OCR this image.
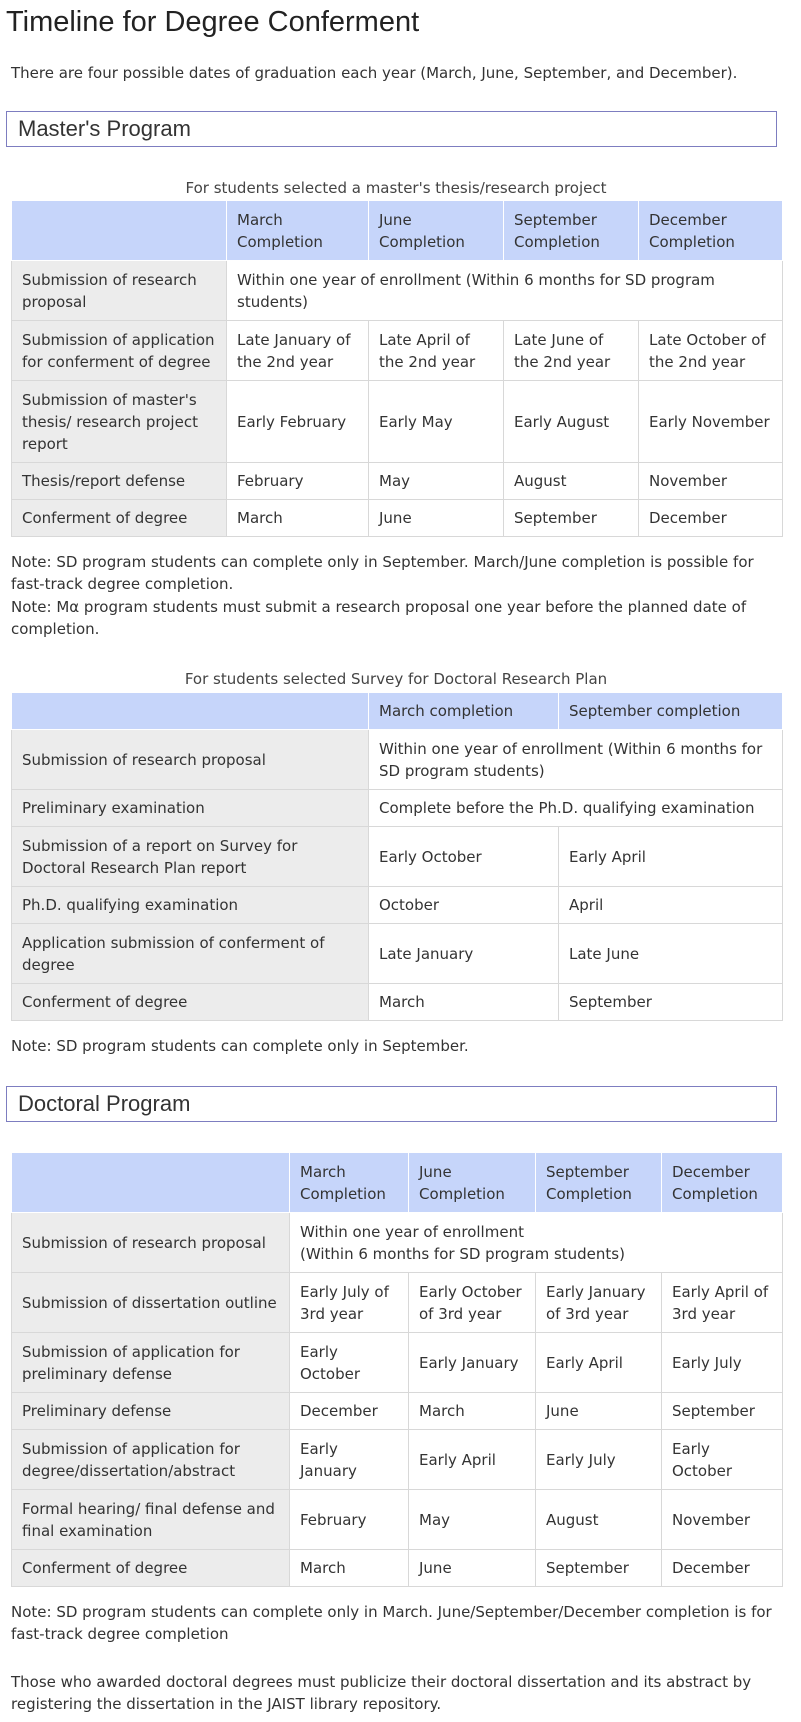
Timeline for Degree Conferment

There are four possible dates of graduation each year (March, June, September, and December).

Master's Program
For students selected a master's thesis/research project
	March Completion	June Completion	September Completion	December Completion
Submission of research proposal	Within one year of enrollment (Within 6 months for SD program students)			
Submission of application for conferment of degree	Late January of the 2nd year	Late April of the 2nd year	Late June of the 2nd year	Late October of the 2nd year
Submission of master's thesis/ research project report	Early February	Early May	Early August	Early November
Thesis/report defense	February	May	August	November
Conferment of degree	March	June	September	December

Note: SD program students can complete only in September. March/June completion is possible for fast-track degree completion.

Note: Mα program students must submit a research proposal one year before the planned date of completion.

For students selected Survey for Doctoral Research Plan
	March completion	September completion
Submission of research proposal	Within one year of enrollment (Within 6 months for SD program students)	
Preliminary examination	Complete before the Ph.D. qualifying examination	
Submission of a report on Survey for Doctoral Research Plan report	Early October	Early April
Ph.D. qualifying examination	October	April
Application submission of conferment of degree	Late January	Late June
Conferment of degree	March	September

Note: SD program students can complete only in September.

Doctoral Program
	March Completion	June Completion	September Completion	December Completion
Submission of research proposal	Within one year of enrollment
(Within 6 months for SD program students)			

Submission of dissertation outline	Early July of 3rd year	Early October of 3rd year	Early January of 3rd year	Early April of 3rd year
Submission of application for preliminary defense	Early October	Early January	Early April	Early July
Preliminary defense	December	March	June	September
Submission of application for degree/dissertation/abstract	Early January	Early April	Early July	Early October
Formal hearing/ final defense and final examination	February	May	August	November
Conferment of degree	March	June	September	December

Note: SD program students can complete only in March. June/September/December completion is for fast-track degree completion

Those who awarded doctoral degrees must publicize their doctoral dissertation and its abstract by registering the dissertation in the JAIST library repository.
